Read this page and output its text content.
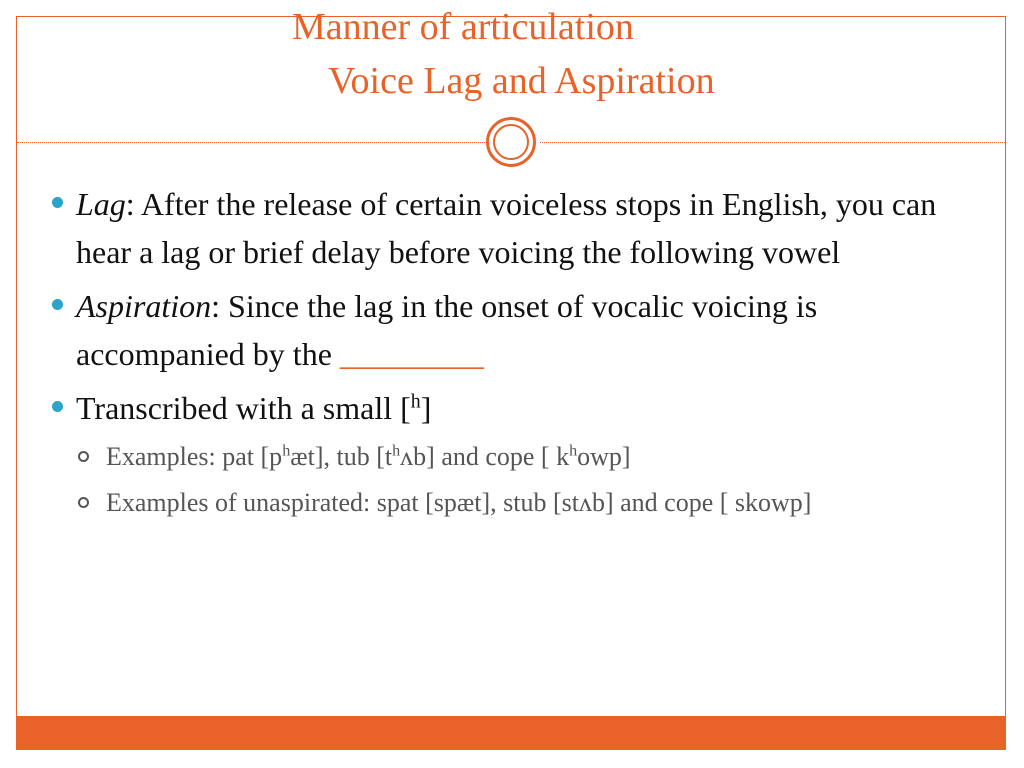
Manner of articulation
Voice Lag and Aspiration
Lag: After the release of certain voiceless stops in English, you can hear a lag or brief delay before voicing the following vowel
Aspiration: Since the lag in the onset of vocalic voicing is accompanied by the _________
Transcribed with a small [$^h$]
Examples: pat $[p^hæt]$, tub $[t^hʌb]$ and cope [ $k^howp$]
Examples of unaspirated: spat [spæt], stub [stʌb] and cope [ skowp]
